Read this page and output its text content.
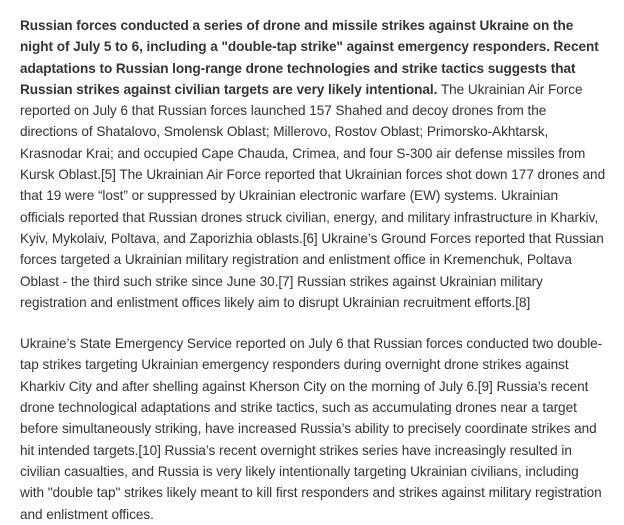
Russian forces conducted a series of drone and missile strikes against Ukraine on the night of July 5 to 6, including a "double-tap strike" against emergency responders. Recent adaptations to Russian long-range drone technologies and strike tactics suggests that Russian strikes against civilian targets are very likely intentional. The Ukrainian Air Force reported on July 6 that Russian forces launched 157 Shahed and decoy drones from the directions of Shatalovo, Smolensk Oblast; Millerovo, Rostov Oblast; Primorsko-Akhtarsk, Krasnodar Krai; and occupied Cape Chauda, Crimea, and four S-300 air defense missiles from Kursk Oblast.[5] The Ukrainian Air Force reported that Ukrainian forces shot down 177 drones and that 19 were “lost” or suppressed by Ukrainian electronic warfare (EW) systems. Ukrainian officials reported that Russian drones struck civilian, energy, and military infrastructure in Kharkiv, Kyiv, Mykolaiv, Poltava, and Zaporizhia oblasts.[6] Ukraine’s Ground Forces reported that Russian forces targeted a Ukrainian military registration and enlistment office in Kremenchuk, Poltava Oblast - the third such strike since June 30.[7] Russian strikes against Ukrainian military registration and enlistment offices likely aim to disrupt Ukrainian recruitment efforts.[8]

Ukraine’s State Emergency Service reported on July 6 that Russian forces conducted two double-tap strikes targeting Ukrainian emergency responders during overnight drone strikes against Kharkiv City and after shelling against Kherson City on the morning of July 6.[9] Russia’s recent drone technological adaptations and strike tactics, such as accumulating drones near a target before simultaneously striking, have increased Russia’s ability to precisely coordinate strikes and hit intended targets.[10] Russia’s recent overnight strikes series have increasingly resulted in civilian casualties, and Russia is very likely intentionally targeting Ukrainian civilians, including with "double tap" strikes likely meant to kill first responders and strikes against military registration and enlistment offices.
